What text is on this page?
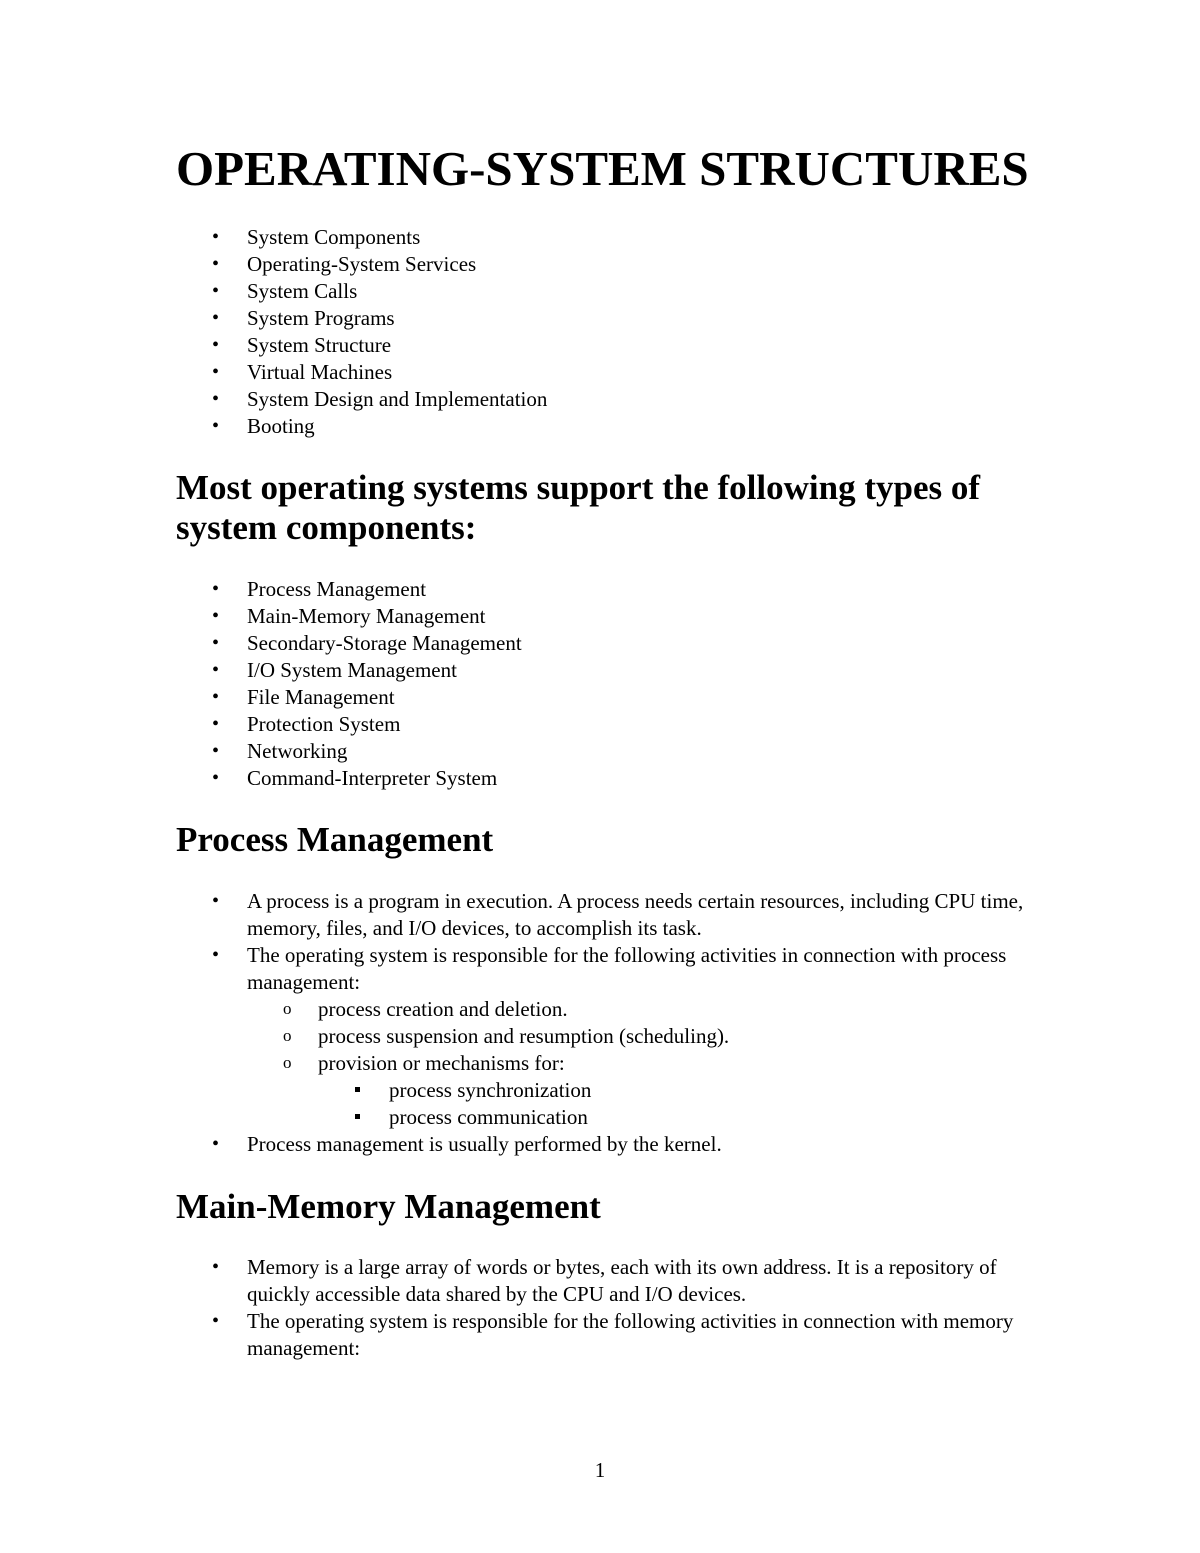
OPERATING-SYSTEM STRUCTURES
• System Components
• Operating-System Services
• System Calls
• System Programs
• System Structure
• Virtual Machines
• System Design and Implementation
• Booting
Most operating systems support the following types of system components:
• Process Management
• Main-Memory Management
• Secondary-Storage Management
• I/O System Management
• File Management
• Protection System
• Networking
• Command-Interpreter System
Process Management
• A process is a program in execution. A process needs certain resources, including CPU time, memory, files, and I/O devices, to accomplish its task.
• The operating system is responsible for the following activities in connection with process management:
o process creation and deletion.
o process suspension and resumption (scheduling).
o provision or mechanisms for:
process synchronization
process communication
• Process management is usually performed by the kernel.
Main-Memory Management
• Memory is a large array of words or bytes, each with its own address. It is a repository of quickly accessible data shared by the CPU and I/O devices.
• The operating system is responsible for the following activities in connection with memory management:
1
